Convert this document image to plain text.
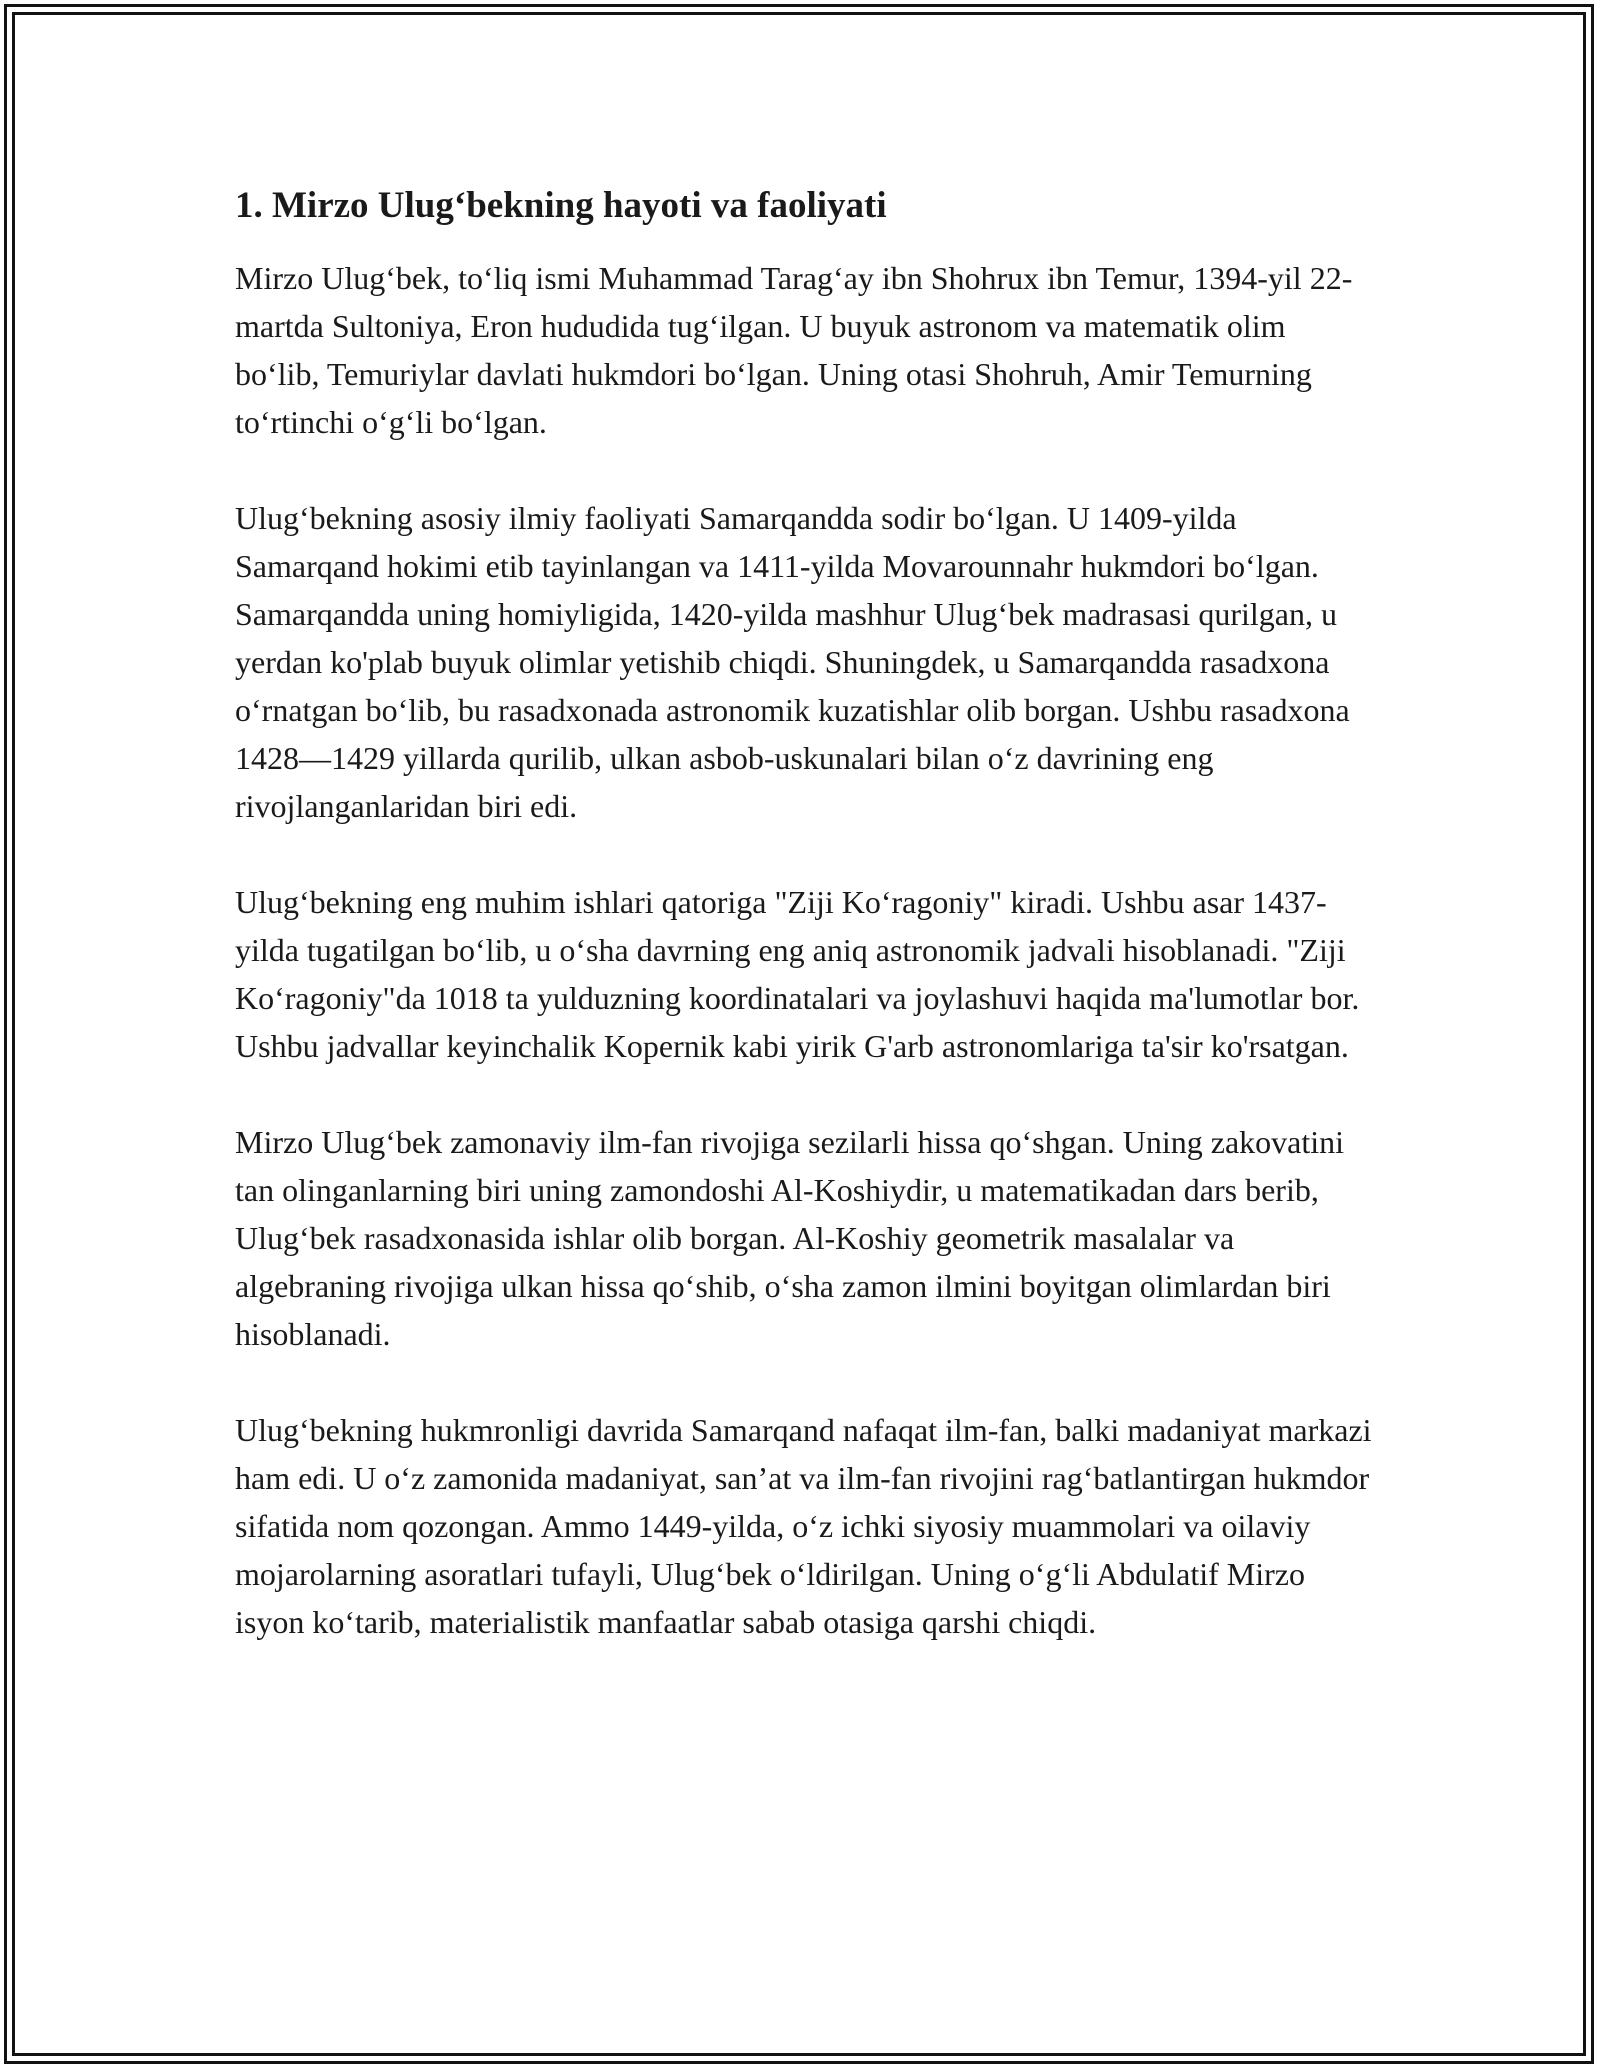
1. Mirzo Ulug‘bekning hayoti va faoliyati

Mirzo Ulug‘bek, to‘liq ismi Muhammad Tarag‘ay ibn Shohrux ibn Temur, 1394-yil 22-martda Sultoniya, Eron hududida tug‘ilgan. U buyuk astronom va matematik olim bo‘lib, Temuriylar davlati hukmdori bo‘lgan. Uning otasi Shohruh, Amir Temurning to‘rtinchi o‘g‘li bo‘lgan.

Ulug‘bekning asosiy ilmiy faoliyati Samarqandda sodir bo‘lgan. U 1409-yilda Samarqand hokimi etib tayinlangan va 1411-yilda Movarounnahr hukmdori bo‘lgan. Samarqandda uning homiyligida, 1420-yilda mashhur Ulug‘bek madrasasi qurilgan, u yerdan ko'plab buyuk olimlar yetishib chiqdi. Shuningdek, u Samarqandda rasadxona o‘rnatgan bo‘lib, bu rasadxonada astronomik kuzatishlar olib borgan. Ushbu rasadxona 1428—1429 yillarda qurilib, ulkan asbob-uskunalari bilan o‘z davrining eng rivojlanganlaridan biri edi.

Ulug‘bekning eng muhim ishlari qatoriga "Ziji Ko‘ragoniy" kiradi. Ushbu asar 1437-yilda tugatilgan bo‘lib, u o‘sha davrning eng aniq astronomik jadvali hisoblanadi. "Ziji Ko‘ragoniy"da 1018 ta yulduzning koordinatalari va joylashuvi haqida ma'lumotlar bor. Ushbu jadvallar keyinchalik Kopernik kabi yirik G'arb astronomlariga ta'sir ko'rsatgan.

Mirzo Ulug‘bek zamonaviy ilm-fan rivojiga sezilarli hissa qo‘shgan. Uning zakovatini tan olinganlarning biri uning zamondoshi Al-Koshiydir, u matematikadan dars berib, Ulug‘bek rasadxonasida ishlar olib borgan. Al-Koshiy geometrik masalalar va algebraning rivojiga ulkan hissa qo‘shib, o‘sha zamon ilmini boyitgan olimlardan biri hisoblanadi.

Ulug‘bekning hukmronligi davrida Samarqand nafaqat ilm-fan, balki madaniyat markazi ham edi. U o‘z zamonida madaniyat, san’at va ilm-fan rivojini rag‘batlantirgan hukmdor sifatida nom qozongan. Ammo 1449-yilda, o‘z ichki siyosiy muammolari va oilaviy mojarolarning asoratlari tufayli, Ulug‘bek o‘ldirilgan. Uning o‘g‘li Abdulatif Mirzo isyon ko‘tarib, materialistik manfaatlar sabab otasiga qarshi chiqdi.
